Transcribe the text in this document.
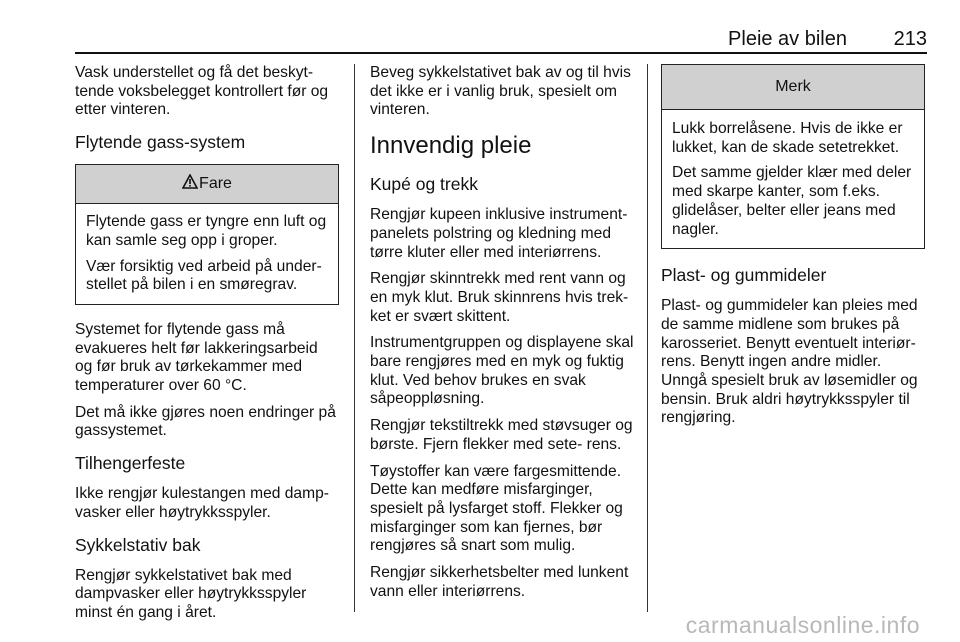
Pleie av bilen 213

Vask understellet og få det beskyt- tende voksbelegget kontrollert før og etter vinteren.

Flytende gass-system
Fare

Flytende gass er tyngre enn luft og kan samle seg opp i groper.

Vær forsiktig ved arbeid på under- stellet på bilen i en smøregrav.

Systemet for flytende gass må evakueres helt før lakkeringsarbeid og før bruk av tørkekammer med temperaturer over 60 °C.

Det må ikke gjøres noen endringer på gassystemet.

Tilhengerfeste

Ikke rengjør kulestangen med damp- vasker eller høytrykksspyler.

Sykkelstativ bak

Rengjør sykkelstativet bak med dampvasker eller høytrykksspyler minst én gang i året.

Beveg sykkelstativet bak av og til hvis det ikke er i vanlig bruk, spesielt om vinteren.

Innvendig pleie
Kupé og trekk

Rengjør kupeen inklusive instrument- panelets polstring og kledning med tørre kluter eller med interiørrens.

Rengjør skinntrekk med rent vann og en myk klut. Bruk skinnrens hvis trek- ket er svært skittent.

Instrumentgruppen og displayene skal bare rengjøres med en myk og fuktig klut. Ved behov brukes en svak såpeoppløsning.

Rengjør tekstiltrekk med støvsuger og børste. Fjern flekker med sete- rens.

Tøystoffer kan være fargesmittende. Dette kan medføre misfarginger, spesielt på lysfarget stoff. Flekker og misfarginger som kan fjernes, bør rengjøres så snart som mulig.

Rengjør sikkerhetsbelter med lunkent vann eller interiørrens.

Merk

Lukk borrelåsene. Hvis de ikke er lukket, kan de skade setetrekket.

Det samme gjelder klær med deler med skarpe kanter, som f.eks. glidelåser, belter eller jeans med nagler.

Plast- og gummideler

Plast- og gummideler kan pleies med de samme midlene som brukes på karosseriet. Benytt eventuelt interiør- rens. Benytt ingen andre midler. Unngå spesielt bruk av løsemidler og bensin. Bruk aldri høytrykksspyler til rengjøring.

carmanualsonline.info
